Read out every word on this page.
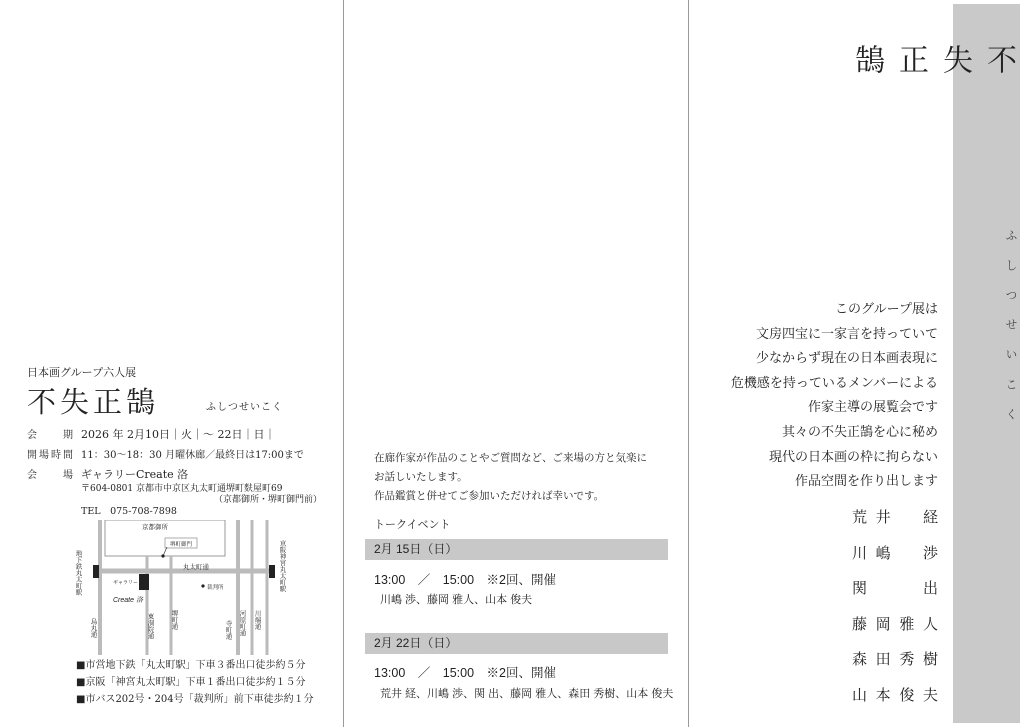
不
失
正
鵠
ふ し つ せ い こ く
このグループ展は
文房四宝に一家言を持っていて
少なからず現在の日本画表現に
危機感を持っているメンバーによる
作家主導の展覧会です
其々の不失正鵠を心に秘め
現代の日本画の枠に拘らない
作品空間を作り出します
荒井　経
川嶋　渉
関　　出
藤岡雅人
森田秀樹
山本俊夫
在廊作家が作品のことやご質問など、ご来場の方と気楽に
お話しいたします。
作品鑑賞と併せてご参加いただければ幸いです。
トークイベント
2月 15日（日）
13:00　／　15:00　※2回、開催
川嶋 渉、藤岡 雅人、山本 俊夫
2月 22日（日）
13:00　／　15:00　※2回、開催
荒井 経、川嶋 渉、関 出、藤岡 雅人、森田 秀樹、山本 俊夫
日本画グループ六人展
不失正鵠	ふしつせいこく
会　期 2026 年 2月10日｜火｜～ 22日｜日｜
開場時間 11：30～18：30 月曜休廊／最終日は17:00まで
会　場 ギャラリーCreate 洛
〒604-0801 京都市中京区丸太町通堺町麩屋町69
（京都御所・堺町御門前）
TEL　075-708-7898
京都御所
堺町御門
丸太町通
地下鉄丸太町駅	京阪神宮丸太町駅
ギャラリー
Create 洛
裁判所
烏丸通	東洞院通	堺町通
寺町通 河原町通 川端通
■市営地下鉄「丸太町駅」下車３番出口徒歩約５分
■京阪「神宮丸太町駅」下車１番出口徒歩約１５分
■市バス202号・204号「裁判所」前下車徒歩約１分
